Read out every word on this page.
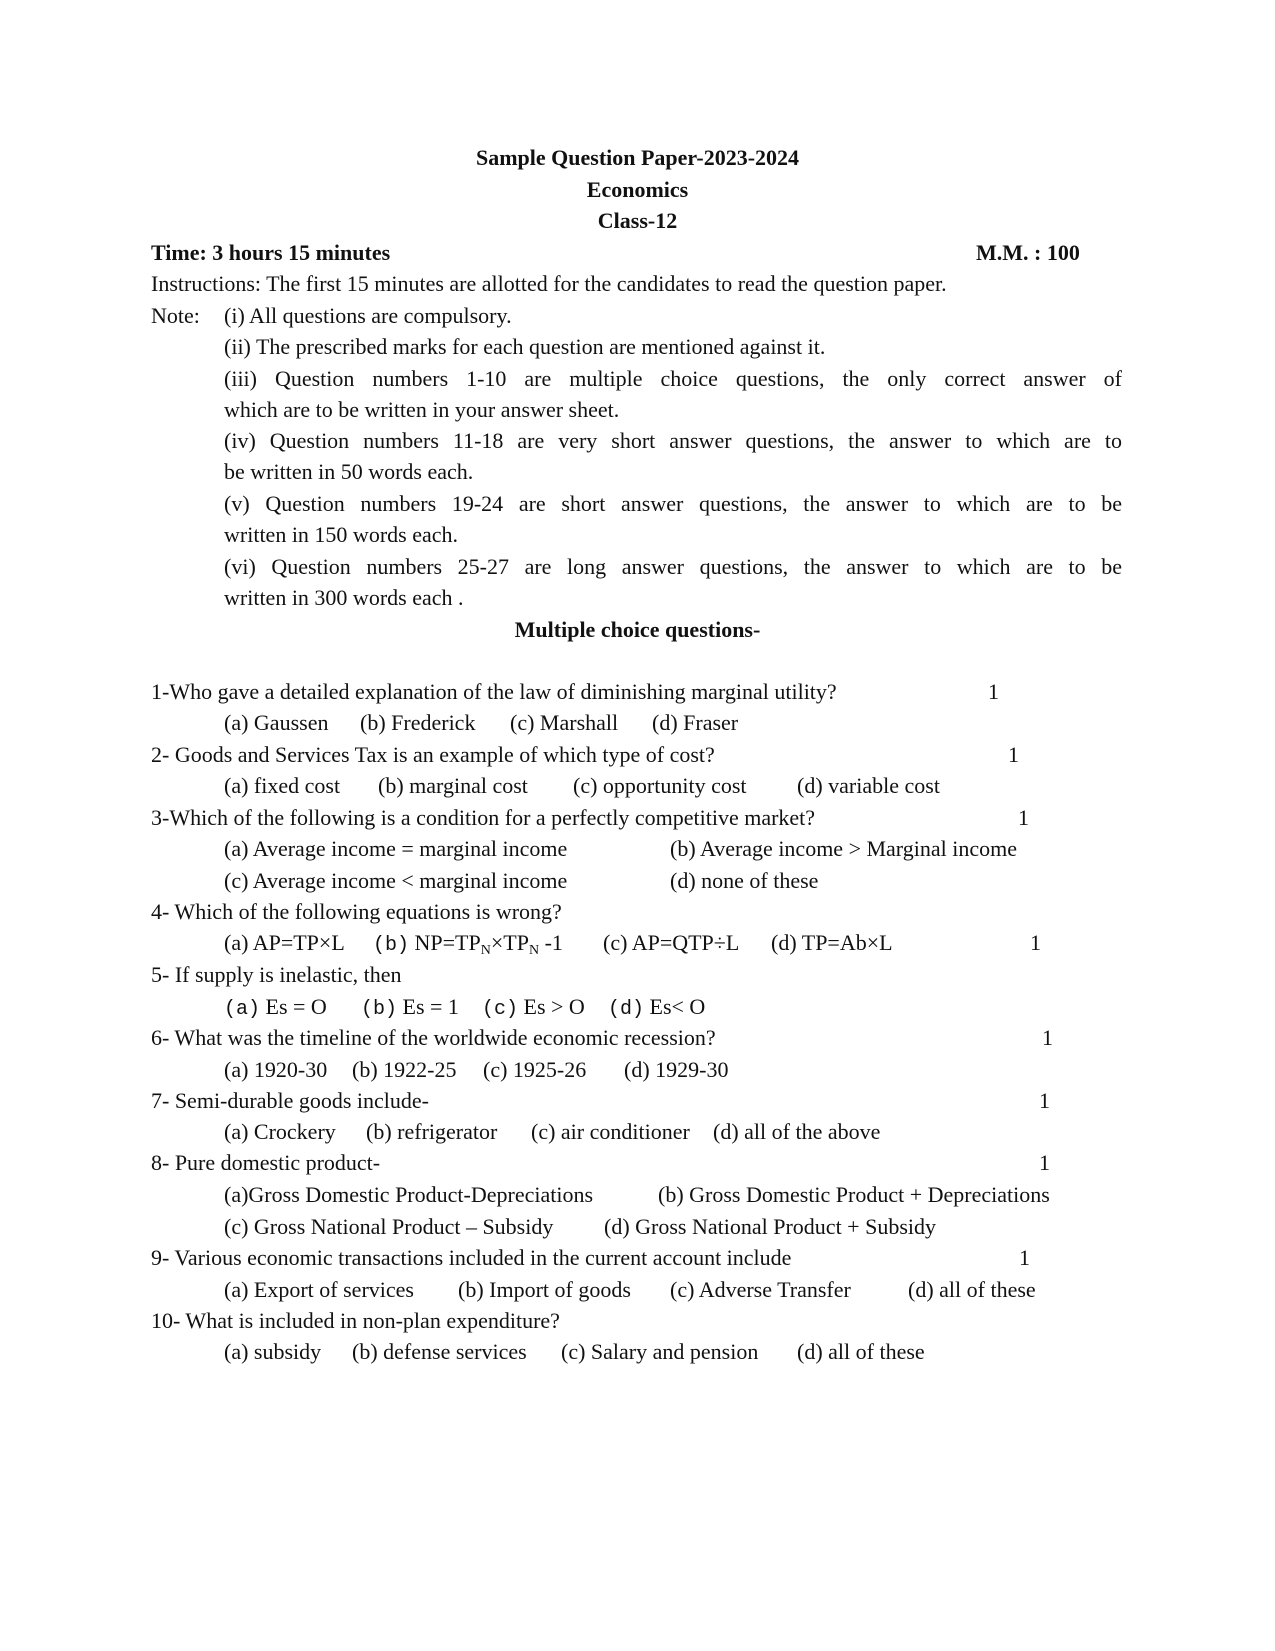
Sample Question Paper-2023-2024
Economics
Class-12
Time: 3 hours 15 minutes	M.M. : 100
Instructions: The first 15 minutes are allotted for the candidates to read the question paper.
Note: (i) All questions are compulsory.
(ii) The prescribed marks for each question are mentioned against it.
(iii) Question numbers 1-10 are multiple choice questions, the only correct answer of
which are to be written in your answer sheet.
(iv) Question numbers 11-18 are very short answer questions, the answer to which are to
be written in 50 words each.
(v) Question numbers 19-24 are short answer questions, the answer to which are to be
written in 150 words each.
(vi) Question numbers 25-27 are long answer questions, the answer to which are to be
written in 300 words each .
Multiple choice questions-
1-Who gave a detailed explanation of the law of diminishing marginal utility?	1
(a) Gaussen (b) Frederick (c) Marshall (d) Fraser
2- Goods and Services Tax is an example of which type of cost?	1
(a) fixed cost (b) marginal cost (c) opportunity cost (d) variable cost
3-Which of the following is a condition for a perfectly competitive market?	1
(a) Average income = marginal income	(b) Average income > Marginal income
(c) Average income < marginal income	(d) none of these
4- Which of the following equations is wrong?
(a) AP=TP×L (b) $NP=TP_N\times TP_N$ -1 (c) AP=QTP÷L (d) TP=Ab×L	1
5- If supply is inelastic, then
(a) Es = O (b) Es = 1 (c) Es > O (d) Es< O
6- What was the timeline of the worldwide economic recession?	1
(a) 1920-30 (b) 1922-25 (c) 1925-26 (d) 1929-30
7- Semi-durable goods include-	1
(a) Crockery (b) refrigerator (c) air conditioner (d) all of the above
8- Pure domestic product-	1
(a)Gross Domestic Product-Depreciations	(b) Gross Domestic Product + Depreciations
(c) Gross National Product – Subsidy (d) Gross National Product + Subsidy
9- Various economic transactions included in the current account include	1
(a) Export of services (b) Import of goods (c) Adverse Transfer	(d) all of these
10- What is included in non-plan expenditure?
(a) subsidy (b) defense services (c) Salary and pension (d) all of these
